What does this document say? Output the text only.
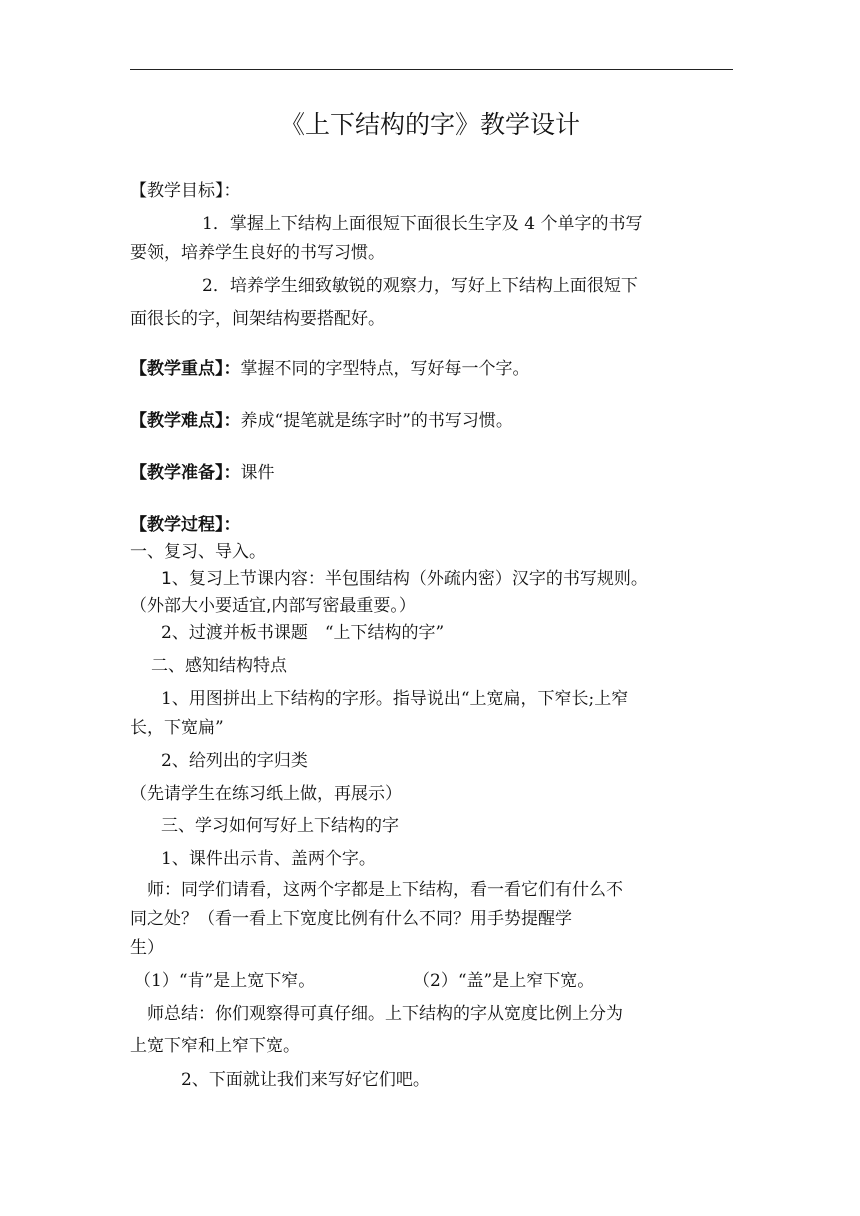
《上下结构的字》教学设计
【教学目标】：
1．掌握上下结构上面很短下面很长生字及 4 个单字的书写
要领，培养学生良好的书写习惯。
2．培养学生细致敏锐的观察力，写好上下结构上面很短下
面很长的字，间架结构要搭配好。
【教学重点】：掌握不同的字型特点，写好每一个字。
【教学难点】：养成“提笔就是练字时”的书写习惯。
【教学准备】：课件
【教学过程】：
一、复习、导入。
1、复习上节课内容：半包围结构（外疏内密）汉字的书写规则。
（外部大小要适宜,内部写密最重要。）
2、过渡并板书课题　“上下结构的字”
二、感知结构特点
1、用图拼出上下结构的字形。指导说出“上宽扁，下窄长;上窄
长，下宽扁”
2、给列出的字归类
（先请学生在练习纸上做，再展示）
三、学习如何写好上下结构的字
1、课件出示肯、盖两个字。
师：同学们请看，这两个字都是上下结构，看一看它们有什么不
同之处？（看一看上下宽度比例有什么不同？用手势提醒学
生）
（1）“肯”是上宽下窄。	（2）“盖”是上窄下宽。
师总结：你们观察得可真仔细。上下结构的字从宽度比例上分为
上宽下窄和上窄下宽。
2、下面就让我们来写好它们吧。
